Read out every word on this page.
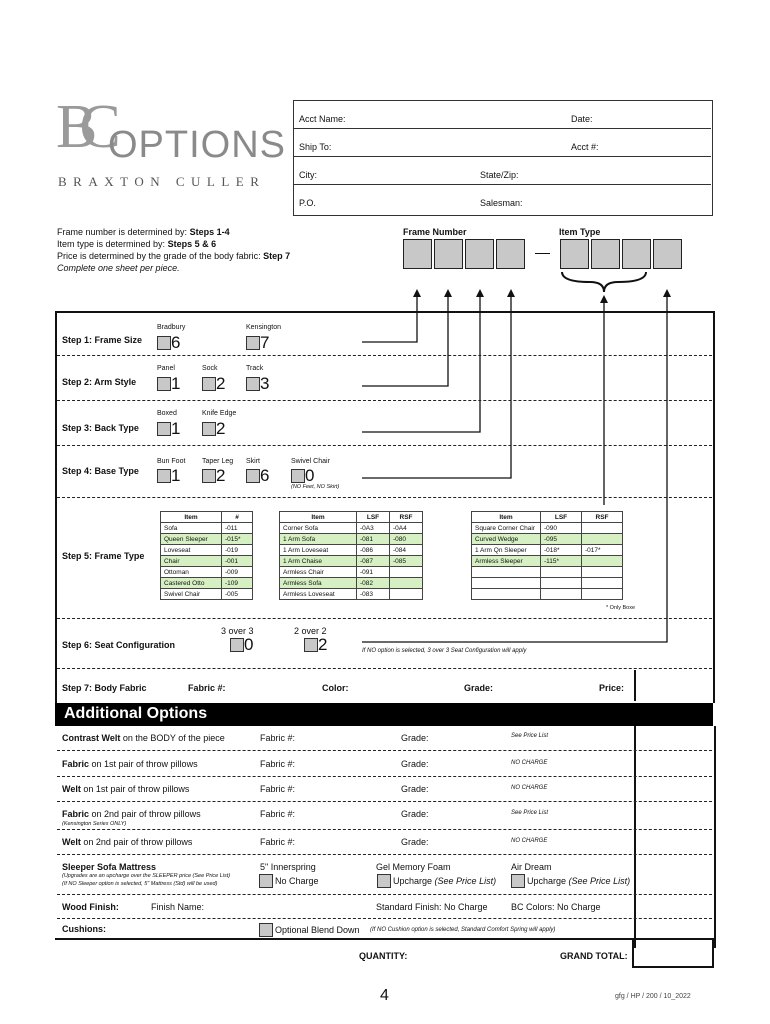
BC OPTIONS
BRAXTON CULLER
Acct Name:	Date:
Ship To:	Acct #:
City:	State/Zip:
P.O.	Salesman:
Frame number is determined by: Steps 1-4
Item type is determined by: Steps 5 & 6
Price is determined by the grade of the body fabric: Step 7
Complete one sheet per piece.
Frame Number	Item Type
Step 1: Frame Size
Bradbury
6
Kensington
7
Step 2: Arm Style
Panel
1
Sock
2
Track
3
Step 3: Back Type
Boxed
1
Knife Edge
2
Step 4: Base Type
Bun Foot
1
Taper Leg
2
Skirt
6
Swivel Chair
0
(NO Feet, NO Skirt)
Step 5: Frame Type
Item	#
Sofa	-011
Queen Sleeper	-015*
Loveseat	-019
Chair	-001
Ottoman	-009
Castered Otto	-109
Swivel Chair	-005
Item	LSF	RSF
Corner Sofa	-0A3	-0A4
1 Arm Sofa	-081	-080
1 Arm Loveseat	-086	-084
1 Arm Chaise	-087	-085
Armless Chair	-091	
Armless Sofa	-082	
Armless Loveseat	-083	
Item	LSF	RSF
Square Corner Chair	-090	
Curved Wedge	-095	
1 Arm Qn Sleeper	-018*	-017*
Armless Sleeper	-115*	

* Only Boxe
Step 6: Seat Configuration
3 over 3
0
2 over 2
2	If NO option is selected, 3 over 3 Seat Configuration will apply
Step 7: Body Fabric	Fabric #:	Color:	Grade:	Price:
Additional Options
Contrast Welt on the BODY of the piece	Fabric #:	Grade:	See Price List
Fabric on 1st pair of throw pillows	Fabric #:	Grade:	NO CHARGE
Welt on 1st pair of throw pillows	Fabric #:	Grade:	NO CHARGE
Fabric on 2nd pair of throw pillows
(Kensington Series ONLY)
Fabric #:	Grade:	See Price List
Welt on 2nd pair of throw pillows	Fabric #:	Grade:	NO CHARGE
Sleeper Sofa Mattress
(Upgrades are an upcharge over the SLEEPER price (See Price List)
(If NO Sleeper option is selected, 5" Mattress (Std) will be used)
5" Innerspring
No Charge
Gel Memory Foam
Upcharge (See Price List)
Air Dream
Upcharge (See Price List)
Wood Finish:	Finish Name:	Standard Finish: No Charge	BC Colors: No Charge
Cushions:	Optional Blend Down (If NO Cushion option is selected, Standard Comfort Spring will apply)
QUANTITY:	GRAND TOTAL:
4	gfg / HP / 200 / 10_2022
